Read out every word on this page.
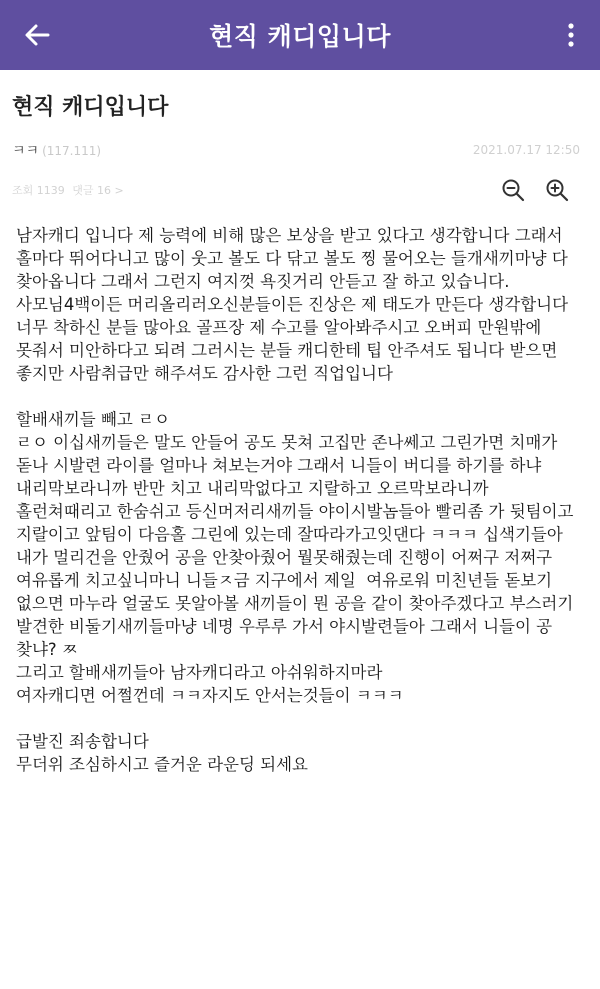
현직 캐디입니다
현직 캐디입니다
ㅋㅋ (117.111)	2021.07.17 12:50
조회 1139 댓글 16 >
남자캐디 입니다 제 능력에 비해 많은 보상을 받고 있다고 생각합니다 그래서 홀마다 뛰어다니고 많이 웃고 볼도 다 닦고 볼도 찡 물어오는 들개새끼마냥 다 찾아옵니다 그래서 그런지 여지껏 욕짓거리 안듣고 잘 하고 있습니다.사모님4백이든 머리올리러오신분들이든 진상은 제 태도가 만든다 생각합니다  너무 착하신 분들 많아요 골프장 제 수고를 알아봐주시고 오버피 만원밖에 못줘서 미안하다고 되려 그러시는 분들 캐디한테 팁 안주셔도 됩니다 받으면 좋지만 사람취급만 해주셔도 감사한 그런 직업입니다

할배새끼들 빼고 ㄹㅇ
ㄹㅇ 이십새끼들은 말도 안들어 공도 못쳐 고집만 존나쎄고 그린가면 치매가 돋나 시발련 라이를 얼마나 쳐보는거야 그래서 니들이 버디를 하기를 하냐 내리막보라니까 반만 치고 내리막없다고 지랄하고 오르막보라니까 홀런쳐때리고 한숨쉬고 등신머저리새끼들 야이시발놈들아 빨리좀 가 뒷팀이고 지랄이고 앞팀이 다음홀 그린에 있는데 잘따라가고잇댄다 ㅋㅋㅋ 십색기들아 내가 멀리건을 안줬어 공을 안찾아줬어 뭘못해줬는데 진행이 어쩌구 저쩌구 여유롭게 치고싶니마니 니들ㅈ금 지구에서 제일  여유로워 미친년들 돋보기 없으면 마누라 얼굴도 못알아볼 새끼들이 뭔 공을 같이 찾아주겠다고 부스러기 발견한 비둘기새끼들마냥 네명 우루루 가서 야시발련들아 그래서 니들이 공 찾냐? ㅉ
그리고 할배새끼들아 남자캐디라고 아쉬워하지마라
여자캐디면 어쩔껀데 ㅋㅋ자지도 안서는것들이 ㅋㅋㅋ

급발진 죄송합니다
무더위 조심하시고 즐거운 라운딩 되세요
